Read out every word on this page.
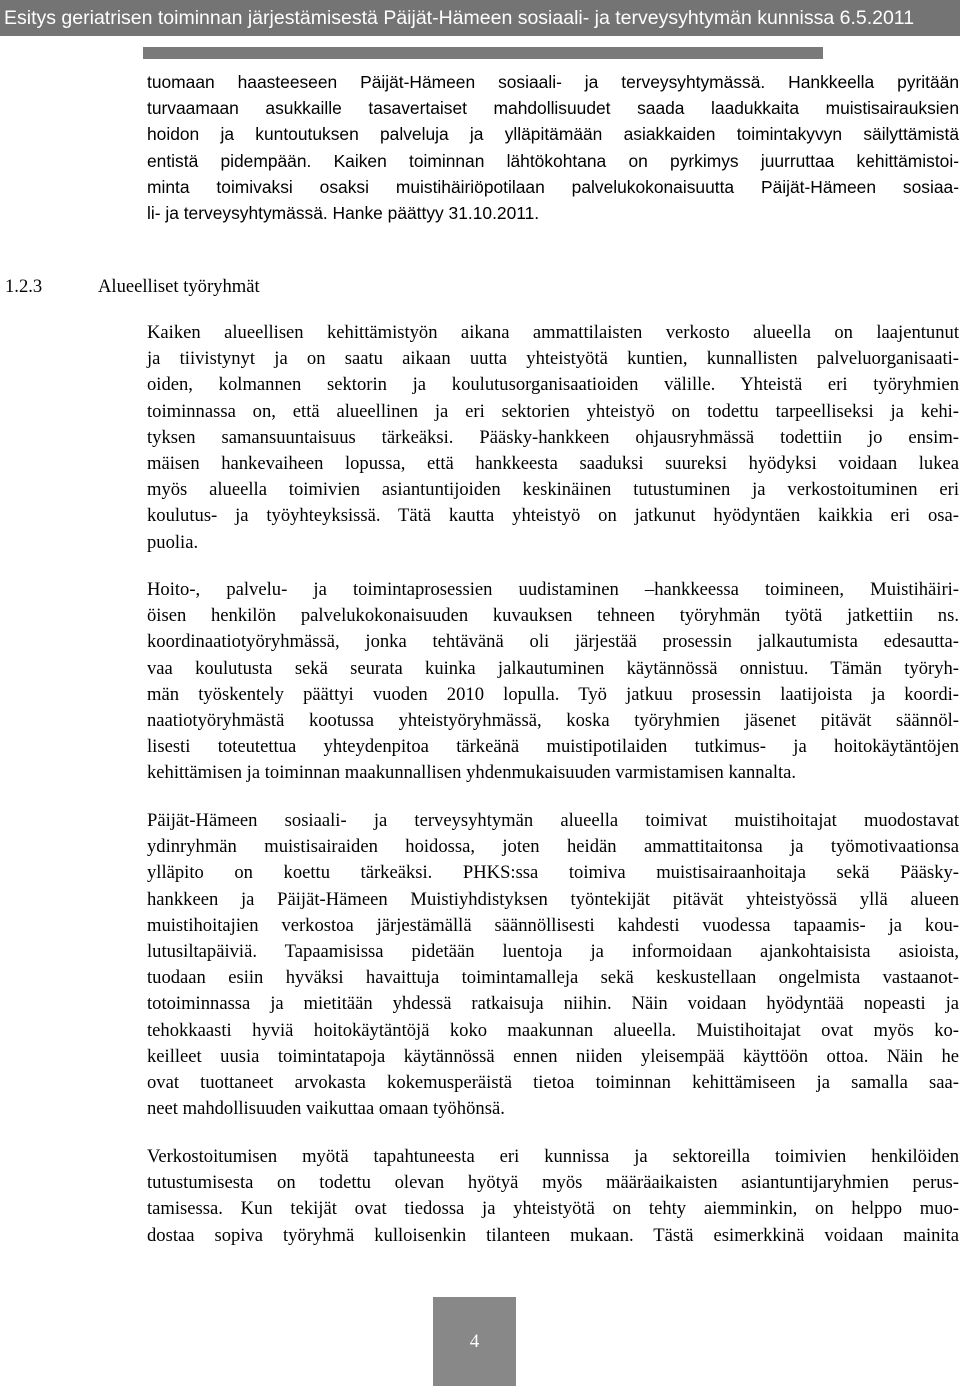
Esitys geriatrisen toiminnan järjestämisestä Päijät-Hämeen sosiaali- ja terveysyhtymän kunnissa 6.5.2011

tuomaan haasteeseen Päijät-Hämeen sosiaali- ja terveysyhtymässä. Hankkeella pyritään
turvaamaan asukkaille tasavertaiset mahdollisuudet saada laadukkaita muistisairauksien
hoidon ja kuntoutuksen palveluja ja ylläpitämään asiakkaiden toimintakyvyn säilyttämistä
entistä pidempään. Kaiken toiminnan lähtökohtana on pyrkimys juurruttaa kehittämistoi-
minta toimivaksi osaksi muistihäiriöpotilaan palvelukokonaisuutta Päijät-Hämeen sosiaa-
li- ja terveysyhtymässä. Hanke päättyy 31.10.2011.

1.2.3	Alueelliset työryhmät

Kaiken alueellisen kehittämistyön aikana ammattilaisten verkosto alueella on laajentunut
ja tiivistynyt ja on saatu aikaan uutta yhteistyötä kuntien, kunnallisten palveluorganisaati-
oiden, kolmannen sektorin ja koulutusorganisaatioiden välille. Yhteistä eri työryhmien
toiminnassa on, että alueellinen ja eri sektorien yhteistyö on todettu tarpeelliseksi ja kehi-
tyksen samansuuntaisuus tärkeäksi. Pääsky-hankkeen ohjausryhmässä todettiin jo ensim-
mäisen hankevaiheen lopussa, että hankkeesta saaduksi suureksi hyödyksi voidaan lukea
myös alueella toimivien asiantuntijoiden keskinäinen tutustuminen ja verkostoituminen eri
koulutus- ja työyhteyksissä. Tätä kautta yhteistyö on jatkunut hyödyntäen kaikkia eri osa-
puolia.

Hoito-, palvelu- ja toimintaprosessien uudistaminen –hankkeessa toimineen, Muistihäiri-
öisen henkilön palvelukokonaisuuden kuvauksen tehneen työryhmän työtä jatkettiin ns.
koordinaatiotyöryhmässä, jonka tehtävänä oli järjestää prosessin jalkautumista edesautta-
vaa koulutusta sekä seurata kuinka jalkautuminen käytännössä onnistuu. Tämän työryh-
män työskentely päättyi vuoden 2010 lopulla. Työ jatkuu prosessin laatijoista ja koordi-
naatiotyöryhmästä kootussa yhteistyöryhmässä, koska työryhmien jäsenet pitävät säännöl-
lisesti toteutettua yhteydenpitoa tärkeänä muistipotilaiden tutkimus- ja hoitokäytäntöjen
kehittämisen ja toiminnan maakunnallisen yhdenmukaisuuden varmistamisen kannalta.

Päijät-Hämeen sosiaali- ja terveysyhtymän alueella toimivat muistihoitajat muodostavat
ydinryhmän muistisairaiden hoidossa, joten heidän ammattitaitonsa ja työmotivaationsa
ylläpito on koettu tärkeäksi. PHKS:ssa toimiva muistisairaanhoitaja sekä Pääsky-
hankkeen ja Päijät-Hämeen Muistiyhdistyksen työntekijät pitävät yhteistyössä yllä alueen
muistihoitajien verkostoa järjestämällä säännöllisesti kahdesti vuodessa tapaamis- ja kou-
lutusiltapäiviä. Tapaamisissa pidetään luentoja ja informoidaan ajankohtaisista asioista,
tuodaan esiin hyväksi havaittuja toimintamalleja sekä keskustellaan ongelmista vastaanot-
totoiminnassa ja mietitään yhdessä ratkaisuja niihin. Näin voidaan hyödyntää nopeasti ja
tehokkaasti hyviä hoitokäytäntöjä koko maakunnan alueella. Muistihoitajat ovat myös ko-
keilleet uusia toimintatapoja käytännössä ennen niiden yleisempää käyttöön ottoa. Näin he
ovat tuottaneet arvokasta kokemusperäistä tietoa toiminnan kehittämiseen ja samalla saa-
neet mahdollisuuden vaikuttaa omaan työhönsä.

Verkostoitumisen myötä tapahtuneesta eri kunnissa ja sektoreilla toimivien henkilöiden
tutustumisesta on todettu olevan hyötyä myös määräaikaisten asiantuntijaryhmien perus-
tamisessa. Kun tekijät ovat tiedossa ja yhteistyötä on tehty aiemminkin, on helppo muo-
dostaa sopiva työryhmä kulloisenkin tilanteen mukaan. Tästä esimerkkinä voidaan mainita

4
